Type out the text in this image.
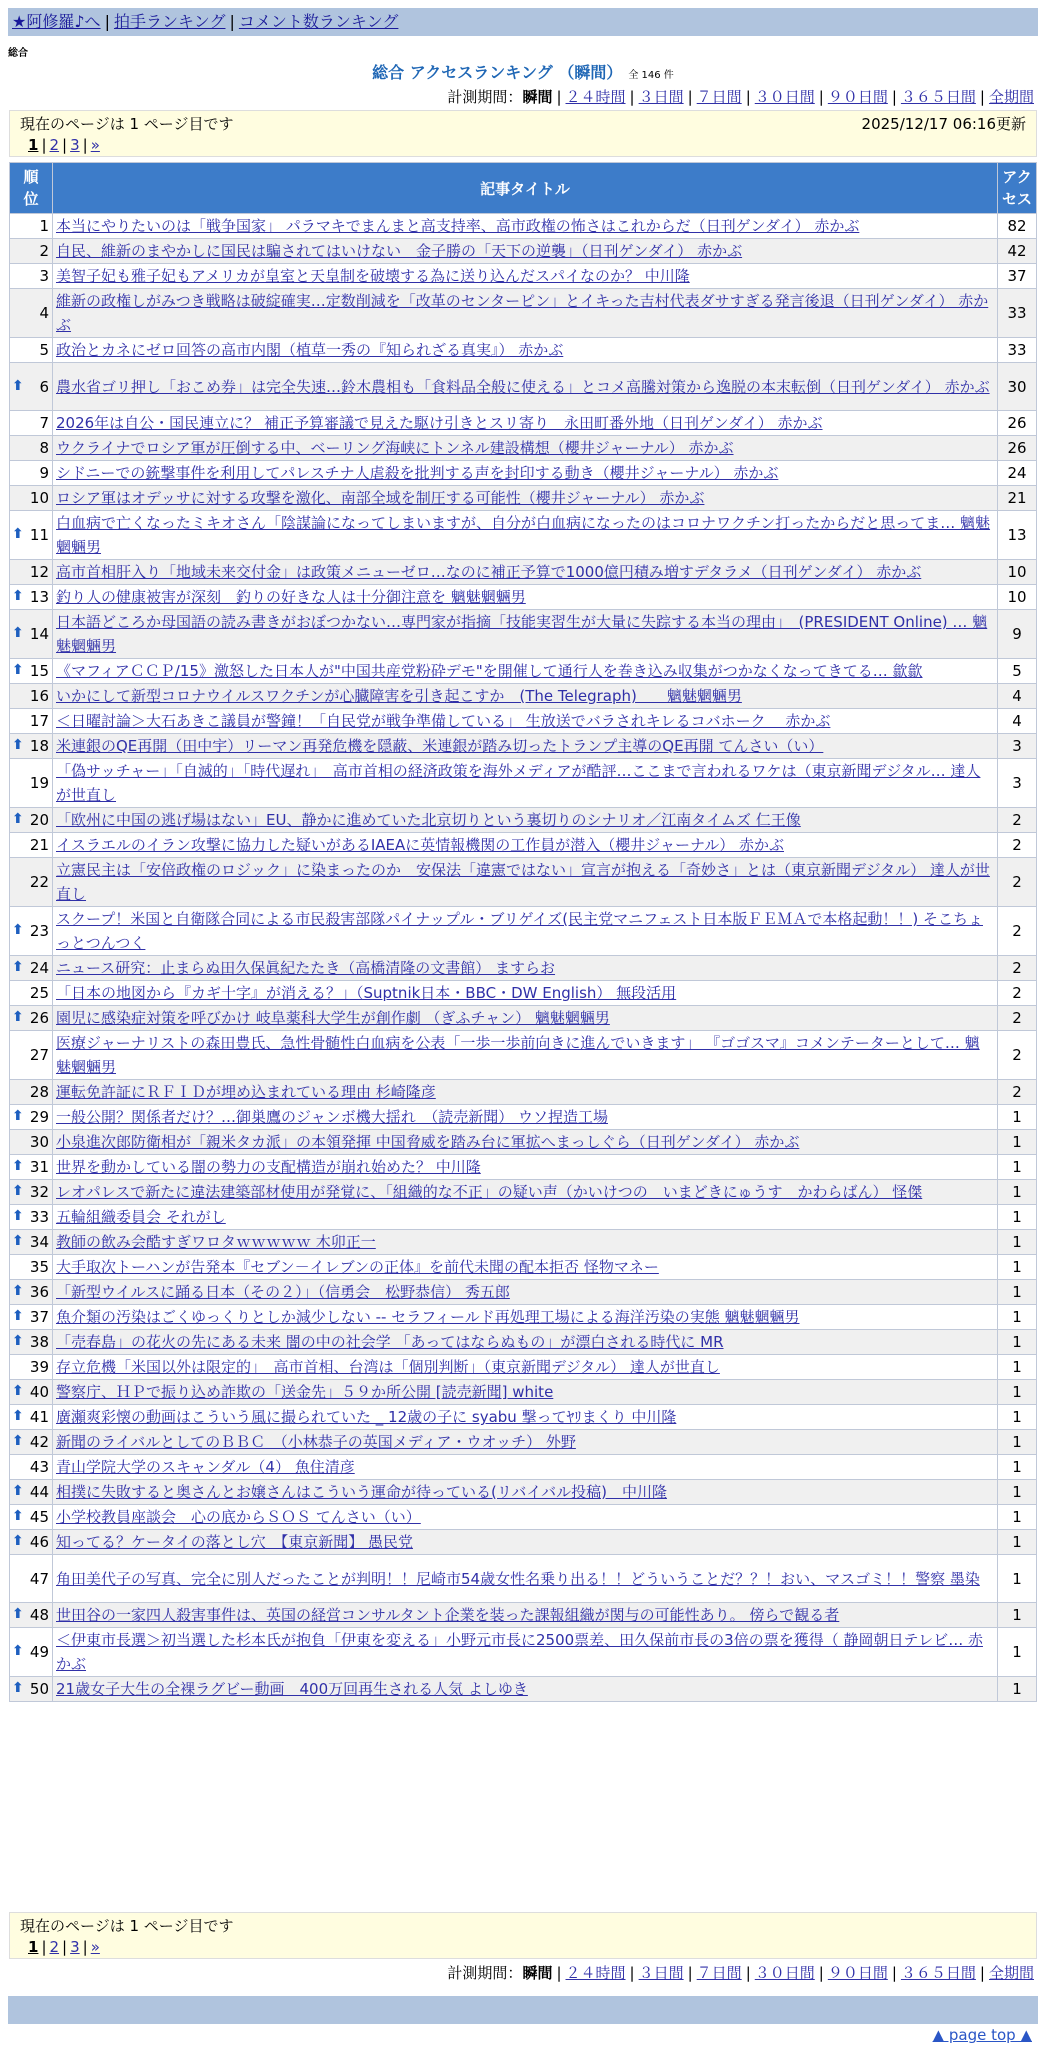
★阿修羅♪へ | 拍手ランキング | コメント数ランキング
総合
総合 アクセスランキング （瞬間） 全 146 件
計測期間：瞬間 | ２４時間 | ３日間 | ７日間 | ３０日間 | ９０日間 | ３６５日間 | 全期間
現在のページは 1 ページ目です	2025/12/17 06:16更新
1 | 2 | 3 | »
順位	記事タイトル	アクセス
1	本当にやりたいのは「戦争国家」 パラマキでまんまと高支持率、高市政権の怖さはこれからだ（日刊ゲンダイ） 赤かぶ	82
2	自民、維新のまやかしに国民は騙されてはいけない　金子勝の「天下の逆襲」（日刊ゲンダイ） 赤かぶ	42
3	美智子妃も雅子妃もアメリカが皇室と天皇制を破壊する為に送り込んだスパイなのか？ 中川隆	37
4	維新の政権しがみつき戦略は破綻確実…定数削減を「改革のセンターピン」とイキった吉村代表ダサすぎる発言後退（日刊ゲンダイ） 赤かぶ	33
5	政治とカネにゼロ回答の高市内閣（植草一秀の『知られざる真実』） 赤かぶ	33

⬆ 6	農水省ゴリ押し「おこめ券」は完全失速…鈴木農相も「食料品全般に使える」とコメ高騰対策から逸脱の本末転倒（日刊ゲンダイ） 赤かぶ	30
7	2026年は自公・国民連立に？ 補正予算審議で見えた駆け引きとスリ寄り　永田町番外地（日刊ゲンダイ） 赤かぶ	26
8	ウクライナでロシア軍が圧倒する中、ベーリング海峡にトンネル建設構想（櫻井ジャーナル） 赤かぶ	26
9	シドニーでの銃撃事件を利用してパレスチナ人虐殺を批判する声を封印する動き（櫻井ジャーナル） 赤かぶ	24
10	ロシア軍はオデッサに対する攻撃を激化、南部全域を制圧する可能性（櫻井ジャーナル） 赤かぶ	21

⬆ 11	白血病で亡くなったミキオさん「陰謀論になってしまいますが、自分が白血病になったのはコロナワクチン打ったからだと思ってま… 魑魅魍魎男	13
12	高市首相肝入り「地域未来交付金」は政策メニューゼロ…なのに補正予算で1000億円積み増すデタラメ（日刊ゲンダイ） 赤かぶ	10

⬆ 13	釣り人の健康被害が深刻　釣りの好きな人は十分御注意を 魑魅魍魎男	10

⬆ 14	日本語どころか母国語の読み書きがおぼつかない…専門家が指摘「技能実習生が大量に失踪する本当の理由」　(PRESIDENT Online) … 魑魅魍魎男	9

⬆ 15	《マフィアＣＣＰ/15》激怒した日本人が"中国共産党粉砕デモ"を開催して通行人を巻き込み収集がつかなくなってきてる… 歙歙	5
16	いかにして新型コロナウイルスワクチンが心臓障害を引き起こすか　(The Telegraph)　　魑魅魍魎男	4
17	＜日曜討論＞大石あきこ議員が警鐘！「自民党が戦争準備している」 生放送でバラされキレるコバホーク　 赤かぶ	4

⬆ 18	米連銀のQE再開（田中宇）リーマン再発危機を隠蔽、米連銀が踏み切ったトランプ主導のQE再開 てんさい（い）	3
19	「偽サッチャー」「自滅的」「時代遅れ」　高市首相の経済政策を海外メディアが酷評…ここまで言われるワケは（東京新聞デジタル… 達人が世直し	3

⬆ 20	「欧州に中国の逃げ場はない」EU、静かに進めていた北京切りという裏切りのシナリオ／江南タイムズ 仁王像	2
21	イスラエルのイラン攻撃に協力した疑いがあるIAEAに英情報機関の工作員が潜入（櫻井ジャーナル） 赤かぶ	2
22	立憲民主は「安倍政権のロジック」に染まったのか　安保法「違憲ではない」宣言が抱える「奇妙さ」とは（東京新聞デジタル） 達人が世直し	2

⬆ 23	スクープ！米国と自衛隊合同による市民殺害部隊パイナップル・ブリゲイズ(民主党マニフェスト日本版ＦＥＭＡで本格起動！！) そこちょっとつんつく	2

⬆ 24	ニュース研究：止まらぬ田久保眞紀たたき（高橋清隆の文書館） ますらお	2
25	「日本の地図から『カギ十字』が消える？」（Suptnik日本・BBC・DW English） 無段活用	2

⬆ 26	園児に感染症対策を呼びかけ 岐阜薬科大学生が創作劇 （ぎふチャン） 魑魅魍魎男	2
27	医療ジャーナリストの森田豊氏、急性骨髄性白血病を公表「一歩一歩前向きに進んでいきます」 『ゴゴスマ』コメンテーターとして… 魑魅魍魎男	2
28	運転免許証にＲＦＩＤが埋め込まれている理由 杉崎隆彦	2

⬆ 29	一般公開？関係者だけ？…御巣鷹のジャンボ機大揺れ　（読売新聞） ウソ捏造工場	1
30	小泉進次郎防衛相が「親米タカ派」の本領発揮 中国脅威を踏み台に軍拡へまっしぐら（日刊ゲンダイ） 赤かぶ	1

⬆ 31	世界を動かしている闇の勢力の支配構造が崩れ始めた？ 中川隆	1

⬆ 32	レオパレスで新たに違法建築部材使用が発覚に、「組織的な不正」の疑い声（かいけつの　いまどきにゅうす　かわらばん） 怪傑	1

⬆ 33	五輪組織委員会 それがし	1

⬆ 34	教師の飲み会酷すぎワロタｗｗｗｗｗ 木卯正一	1
35	大手取次トーハンが告発本『セブン－イレブンの正体』を前代未聞の配本拒否 怪物マネー	1

⬆ 36	「新型ウイルスに踊る日本（その２）」（信勇会　松野恭信） 秀五郎	1

⬆ 37	魚介類の汚染はごくゆっくりとしか減少しない -- セラフィールド再処理工場による海洋汚染の実態 魑魅魍魎男	1

⬆ 38	「売春島」の花火の先にある未来 闇の中の社会学 「あってはならぬもの」が漂白される時代に MR	1
39	存立危機「米国以外は限定的」　高市首相、台湾は「個別判断」（東京新聞デジタル） 達人が世直し	1

⬆ 40	警察庁、ＨＰで振り込め詐欺の「送金先」５９か所公開 [読売新聞] white	1

⬆ 41	廣瀬爽彩懐の動画はこういう風に撮られていた _ 12歳の子に syabu 撃ってﾔﾘまくり 中川隆	1

⬆ 42	新聞のライバルとしてのＢＢＣ　（小林恭子の英国メディア・ウオッチ） 外野	1
43	青山学院大学のスキャンダル（4） 魚住清彦	1

⬆ 44	相撲に失敗すると奥さんとお嬢さんはこういう運命が待っている(リバイバル投稿)　中川隆	1

⬆ 45	小学校教員座談会　心の底からＳＯＳ てんさい（い）	1

⬆ 46	知ってる？ケータイの落とし穴　【東京新聞】 愚民党	1
47	角田美代子の写真、完全に別人だったことが判明！！尼崎市54歳女性名乗り出る！！どういうことだ？？！おい、マスゴミ！！警察 墨染	1

⬆ 48	世田谷の一家四人殺害事件は、英国の経営コンサルタント企業を装った課報組織が関与の可能性あり。 傍らで観る者	1

⬆ 49	＜伊東市長選＞初当選した杉本氏が抱負「伊東を変える」小野元市長に2500票差、田久保前市長の3倍の票を獲得（ 静岡朝日テレビ… 赤かぶ	1

⬆ 50	21歳女子大生の全裸ラグビー動画　400万回再生される人気 よしゆき	1
現在のページは 1 ページ目です
1 | 2 | 3 | »
計測期間：瞬間 | ２４時間 | ３日間 | ７日間 | ３０日間 | ９０日間 | ３６５日間 | 全期間
▲ page top ▲
